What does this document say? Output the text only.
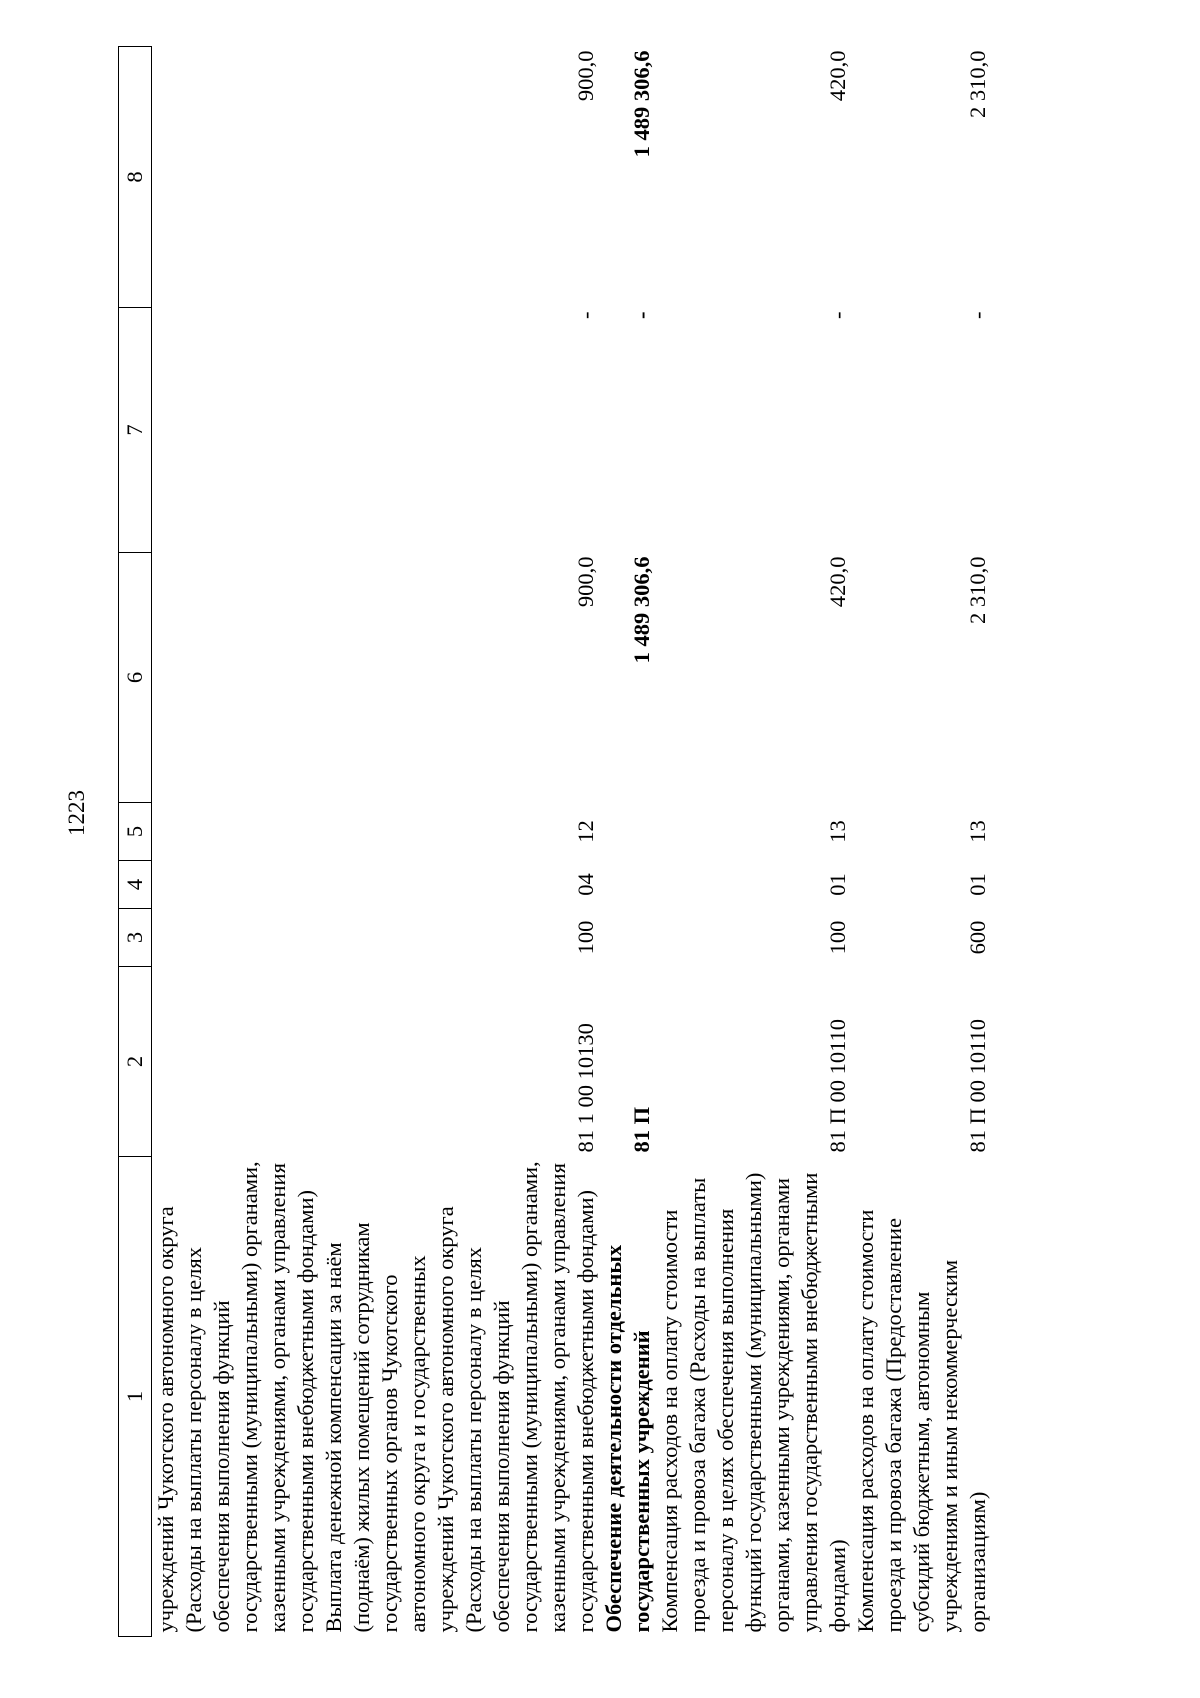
1223
1	2	3	4	5	6	7	8
учреждений Чукотского автономного округа (Расходы на выплаты персоналу в целях обеспечения выполнения функций государственными (муниципальными) органами, казенными учреждениями, органами управления государственными внебюджетными фондами)							
Выплата денежной компенсации за наём (поднаём) жилых помещений сотрудникам государственных органов Чукотского автономного округа и государственных учреждений Чукотского автономного округа (Расходы на выплаты персоналу в целях обеспечения выполнения функций государственными (муниципальными) органами, казенными учреждениями, органами управления государственными внебюджетными фондами)	81 1 00 10130	100	04	12	900,0	-	900,0
Обеспечение деятельности отдельных государственных учреждений	81 П				1 489 306,6	-	1 489 306,6
Компенсация расходов на оплату стоимости проезда и провоза багажа (Расходы на выплаты персоналу в целях обеспечения выполнения функций государственными (муниципальными) органами, казенными учреждениями, органами управления государственными внебюджетными фондами)	81 П 00 10110	100	01	13	420,0	-	420,0
Компенсация расходов на оплату стоимости проезда и провоза багажа (Предоставление субсидий бюджетным, автономным учреждениям и иным некоммерческим организациям)	81 П 00 10110	600	01	13	2 310,0	-	2 310,0
